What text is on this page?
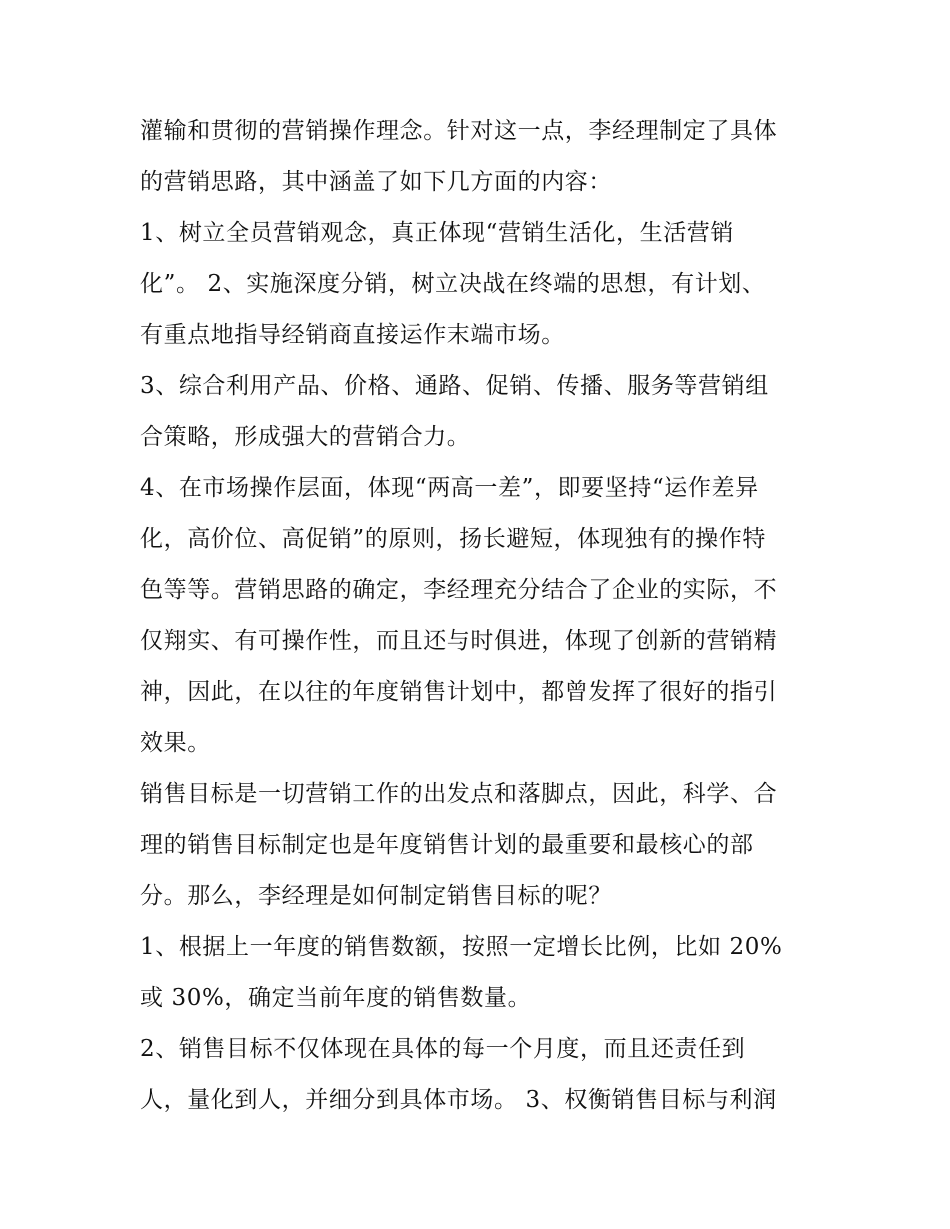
灌输和贯彻的营销操作理念。针对这一点，李经理制定了具体
的营销思路，其中涵盖了如下几方面的内容：
1、树立全员营销观念，真正体现“营销生活化，生活营销
化”。 2、实施深度分销，树立决战在终端的思想，有计划、
有重点地指导经销商直接运作末端市场。
3、综合利用产品、价格、通路、促销、传播、服务等营销组
合策略，形成强大的营销合力。
4、在市场操作层面，体现“两高一差”，即要坚持“运作差异
化，高价位、高促销”的原则，扬长避短，体现独有的操作特
色等等。营销思路的确定，李经理充分结合了企业的实际，不
仅翔实、有可操作性，而且还与时俱进，体现了创新的营销精
神，因此，在以往的年度销售计划中，都曾发挥了很好的指引
效果。
销售目标是一切营销工作的出发点和落脚点，因此，科学、合
理的销售目标制定也是年度销售计划的最重要和最核心的部
分。那么，李经理是如何制定销售目标的呢？
1、根据上一年度的销售数额，按照一定增长比例，比如 20%
或 30%，确定当前年度的销售数量。
2、销售目标不仅体现在具体的每一个月度，而且还责任到
人，量化到人，并细分到具体市场。 3、权衡销售目标与利润
